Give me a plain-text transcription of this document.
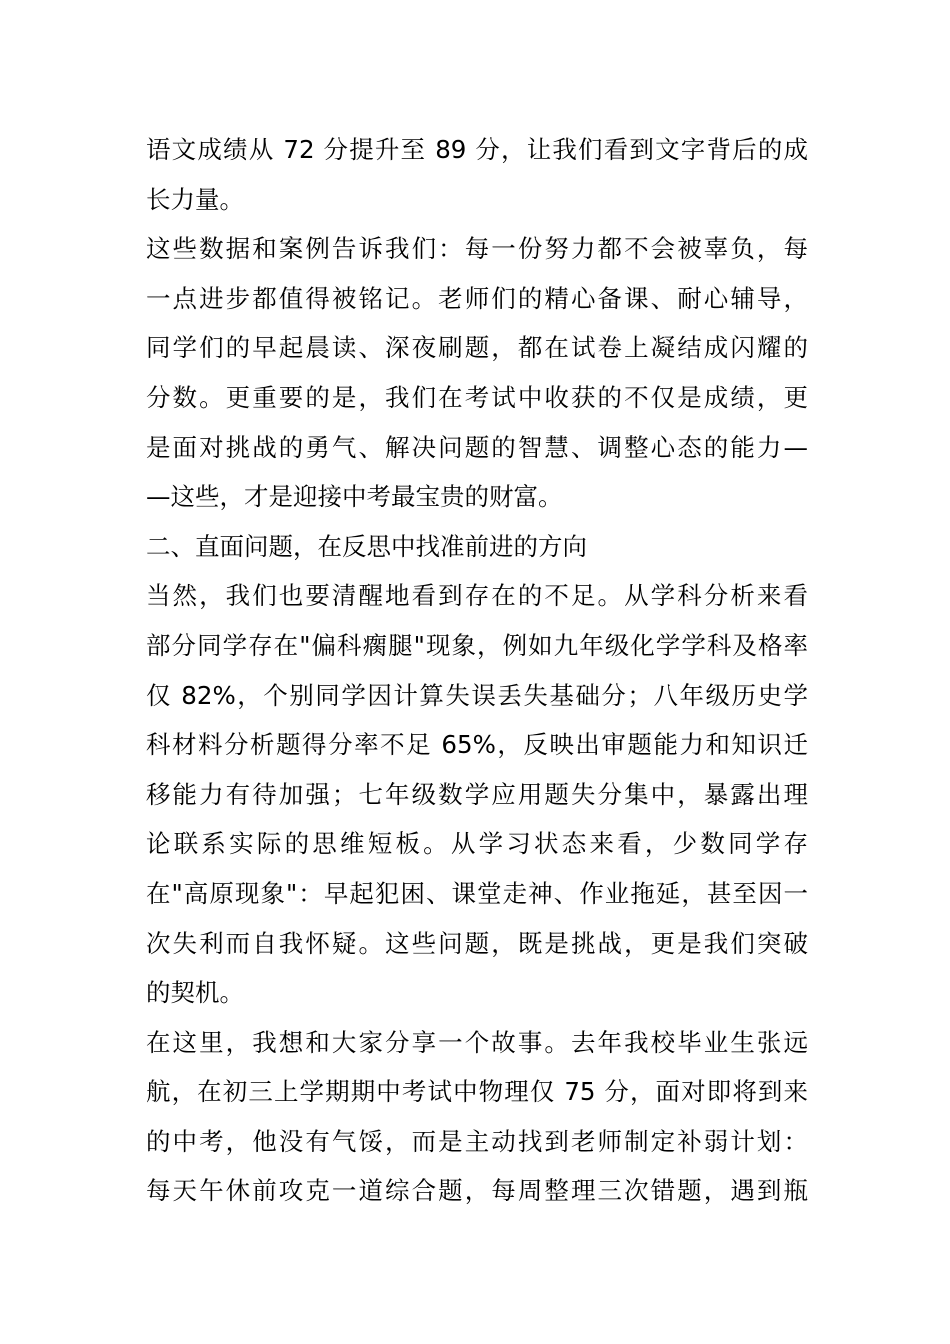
语文成绩从 72 分提升至 89 分，让我们看到文字背后的成
长力量。
这些数据和案例告诉我们：每一份努力都不会被辜负，每
一点进步都值得被铭记。老师们的精心备课、耐心辅导，
同学们的早起晨读、深夜刷题，都在试卷上凝结成闪耀的
分数。更重要的是，我们在考试中收获的不仅是成绩，更
是面对挑战的勇气、解决问题的智慧、调整心态的能力—
—这些，才是迎接中考最宝贵的财富。
二、直面问题，在反思中找准前进的方向
当然，我们也要清醒地看到存在的不足。从学科分析来看
部分同学存在"偏科瘸腿"现象，例如九年级化学学科及格率
仅 82%，个别同学因计算失误丢失基础分；八年级历史学
科材料分析题得分率不足 65%，反映出审题能力和知识迁
移能力有待加强；七年级数学应用题失分集中，暴露出理
论联系实际的思维短板。从学习状态来看，少数同学存
在"高原现象"：早起犯困、课堂走神、作业拖延，甚至因一
次失利而自我怀疑。这些问题，既是挑战，更是我们突破
的契机。
在这里，我想和大家分享一个故事。去年我校毕业生张远
航，在初三上学期期中考试中物理仅 75 分，面对即将到来
的中考，他没有气馁，而是主动找到老师制定补弱计划：
每天午休前攻克一道综合题，每周整理三次错题，遇到瓶
